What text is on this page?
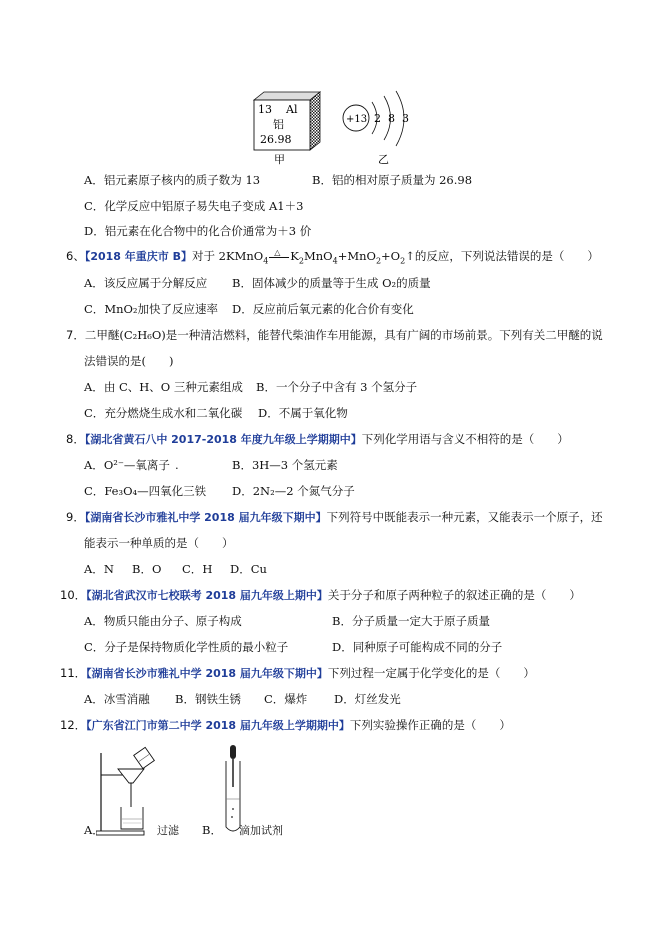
13 Al
铝
26.98
甲
+13 2 8 3
乙
A．铝元素原子核内的质子数为 13	B．铝的相对原子质量为 26.98
C．化学反应中铝原子易失电子变成 A1＋3
D．铝元素在化合物中的化合价通常为＋3 价
6、【2018 年重庆市 B】对于 2KMnO$_4$
△ $K_2MnO_4+MnO_2+O_2↑$的反应，下列说法错误的是（　　）
A．该反应属于分解反应 B．固体减少的质量等于生成 O₂的质量
C．MnO₂加快了反应速率 D．反应前后氧元素的化合价有变化
7．二甲醚(C₂H₆O)是一种清洁燃料，能替代柴油作车用能源，具有广阔的市场前景。下列有关二甲醚的说
法错误的是(　　)
A．由 C、H、O 三种元素组成 B．一个分子中含有 3 个氢分子
C．充分燃烧生成水和二氧化碳 D．不属于氧化物
8．【湖北省黄石八中 2017-2018 年度九年级上学期期中】下列化学用语与含义不相符的是（　　）
A．O²⁻—氧离子 .	B．3H—3 个氢元素
C．Fe₃O₄—四氧化三铁 D．2N₂—2 个氮气分子
9．【湖南省长沙市雅礼中学 2018 届九年级下期中】下列符号中既能表示一种元素，又能表示一个原子，还
能表示一种单质的是（　　）
A．N B．O C．H D．Cu
10．【湖北省武汉市七校联考 2018 届九年级上期中】关于分子和原子两种粒子的叙述正确的是（　　）
A．物质只能由分子、原子构成	B．分子质量一定大于原子质量
C．分子是保持物质化学性质的最小粒子	D．同种原子可能构成不同的分子
11．【湖南省长沙市雅礼中学 2018 届九年级下期中】下列过程一定属于化学变化的是（　　）
A．冰雪消融 B．钢铁生锈 C．爆炸 D．灯丝发光
12．【广东省江门市第二中学 2018 届九年级上学期期中】下列实验操作正确的是（　　）
A．	过滤 B． 滴加试剂
